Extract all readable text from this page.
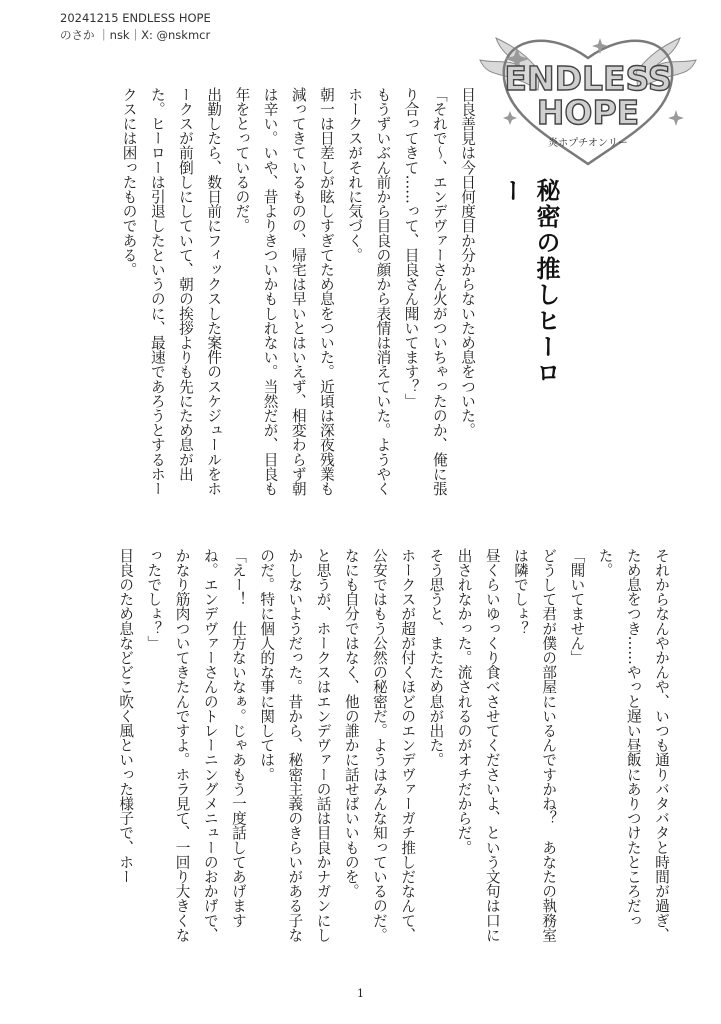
20241215 ENDLESS HOPE
のさか ｜nsk｜X: @nskmcr
ENDLESS
HOPE
炎ホプチオンリー
秘密の推しヒーロー

目良善見は今日何度目か分からないため息をついた。

「それで〜、エンデヴァーさん火がついちゃったのか、俺に張り合ってきて……って、目良さん聞いてます？」

もうずいぶん前から目良の顔から表情は消えていた。ようやくホークスがそれに気づく。

朝一は日差しが眩しすぎてため息をついた。近頃は深夜残業も減ってきているものの、帰宅は早いとはいえず、相変わらず朝は辛い。いや、昔よりきついかもしれない。当然だが、目良も年をとっているのだ。

出勤したら、数日前にフィックスした案件のスケジュールをホークスが前倒しにしていて、朝の挨拶よりも先にため息が出た。ヒーローは引退したというのに、最速であろうとするホークスには困ったものである。

それからなんやかんや、いつも通りバタバタと時間が過ぎ、ため息をつき……やっと遅い昼飯にありつけたところだった。

「聞いてません」

どうして君が僕の部屋にいるんですかね？　あなたの執務室は隣でしょ？

昼くらいゆっくり食べさせてくださいよ、という文句は口に出されなかった。流されるのがオチだからだ。

そう思うと、またため息が出た。

ホークスが超が付くほどのエンデヴァーガチ推しだなんて、公安ではもう公然の秘密だ。ようはみんな知っているのだ。なにも自分ではなく、他の誰かに話せばいいものを。

と思うが、ホークスはエンデヴァーの話は目良かナガンにしかしないようだった。昔から、秘密主義のきらいがある子なのだ。特に個人的な事に関しては。

「えー！　仕方ないなぁ。じゃあもう一度話してあげますね。エンデヴァーさんのトレーニングメニューのおかげで、かなり筋肉ついてきたんですよ。ホラ見て、一回り大きくなったでしょ？」

目良のため息などどこ吹く風といった様子で、ホー

1
